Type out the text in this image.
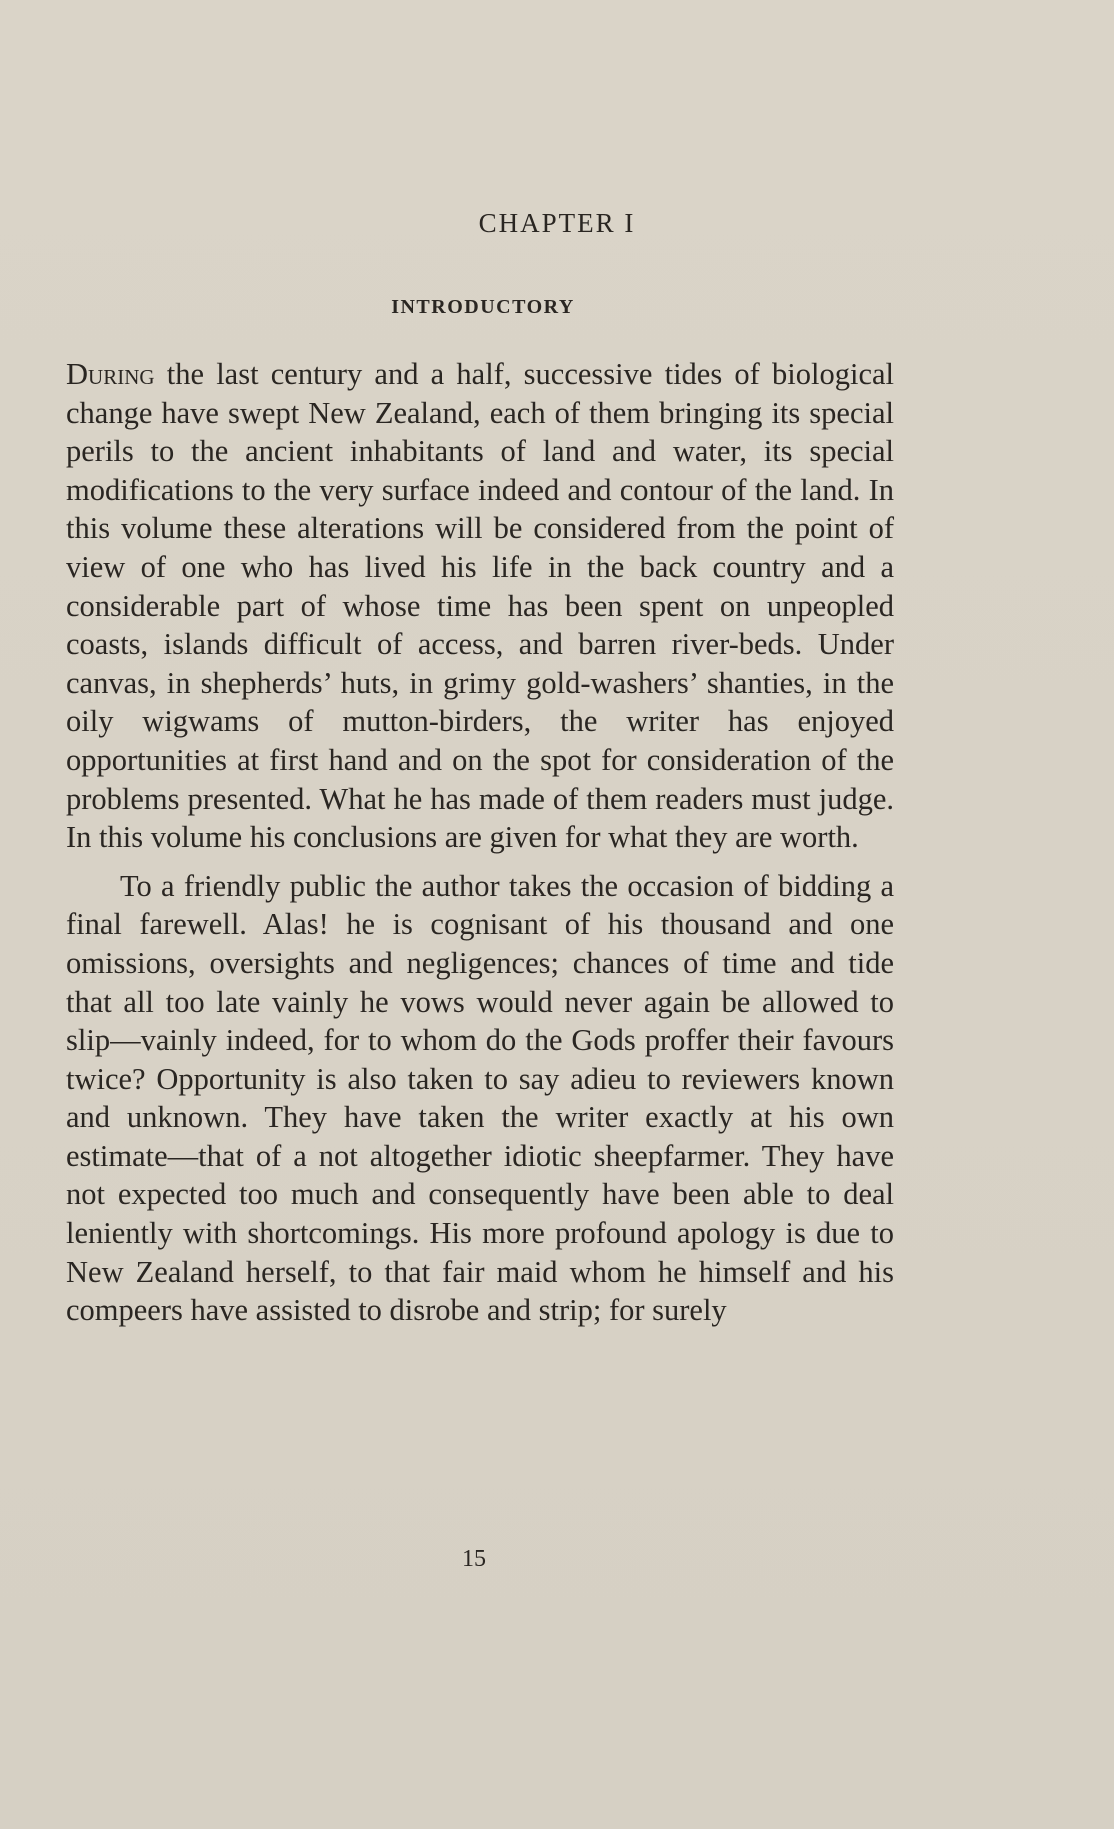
CHAPTER I
INTRODUCTORY

During the last century and a half, successive tides of biological change have swept New Zealand, each of them bringing its special perils to the ancient inhabitants of land and water, its special modifications to the very surface indeed and contour of the land. In this volume these alterations will be considered from the point of view of one who has lived his life in the back country and a considerable part of whose time has been spent on unpeopled coasts, islands difficult of access, and barren river-beds. Under canvas, in shepherds’ huts, in grimy gold-washers’ shanties, in the oily wigwams of mutton-birders, the writer has enjoyed opportunities at first hand and on the spot for consideration of the problems presented. What he has made of them readers must judge. In this volume his conclusions are given for what they are worth.

To a friendly public the author takes the occasion of bidding a final farewell. Alas! he is cognisant of his thousand and one omissions, oversights and negligences; chances of time and tide that all too late vainly he vows would never again be allowed to slip—vainly indeed, for to whom do the Gods proffer their favours twice? Opportunity is also taken to say adieu to reviewers known and unknown. They have taken the writer exactly at his own estimate—that of a not altogether idiotic sheepfarmer. They have not expected too much and consequently have been able to deal leniently with shortcomings. His more profound apology is due to New Zealand herself, to that fair maid whom he himself and his compeers have assisted to disrobe and strip; for surely

15
